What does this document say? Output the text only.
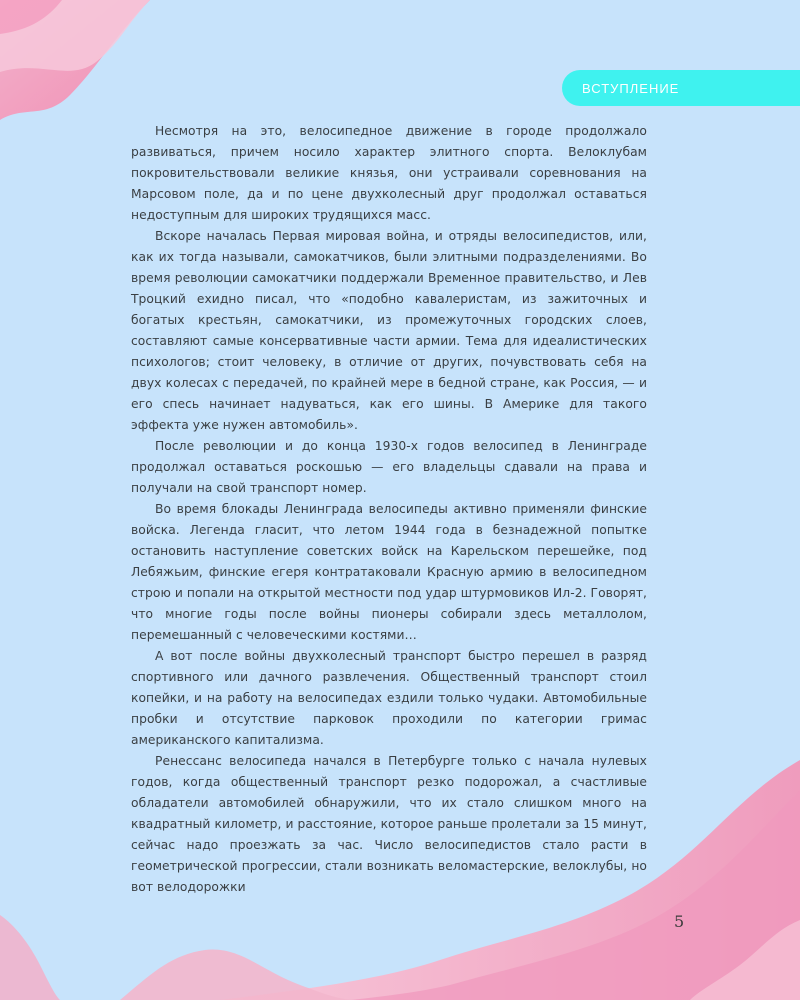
ВСТУПЛЕНИЕ

Несмотря на это, велосипедное движение в городе продолжало развиваться, причем носило характер элитного спорта. Велоклубам покровительствовали великие князья, они устраивали соревнования на Марсовом поле, да и по цене двухколесный друг продолжал оставаться недоступным для широких трудящихся масс.

Вскоре началась Первая мировая война, и отряды велосипедистов, или, как их тогда называли, самокатчиков, были элитными подразделениями. Во время революции самокатчики поддержали Временное правительство, и Лев Троцкий ехидно писал, что «подобно кавалеристам, из зажиточных и богатых крестьян, самокатчики, из промежуточных городских слоев, составляют самые консервативные части армии. Тема для идеалистических психологов; стоит человеку, в отличие от других, почувствовать себя на двух колесах с передачей, по крайней мере в бедной стране, как Россия, — и его спесь начинает надуваться, как его шины. В Америке для такого эффекта уже нужен автомобиль».

После революции и до конца 1930-х годов велосипед в Ленинграде продолжал оставаться роскошью — его владельцы сдавали на права и получали на свой транспорт номер.

Во время блокады Ленинграда велосипеды активно применяли финские войска. Легенда гласит, что летом 1944 года в безнадежной попытке остановить наступление советских войск на Карельском перешейке, под Лебяжьим, финские егеря контратаковали Красную армию в велосипедном строю и попали на открытой местности под удар штурмовиков Ил-2. Говорят, что многие годы после войны пионеры собирали здесь металлолом, перемешанный с человеческими костями…

А вот после войны двухколесный транспорт быстро перешел в разряд спортивного или дачного развлечения. Общественный транспорт стоил копейки, и на работу на велосипедах ездили только чудаки. Автомобильные пробки и отсутствие парковок проходили по категории гримас американского капитализма.

Ренессанс велосипеда начался в Петербурге только с начала нулевых годов, когда общественный транспорт резко подорожал, а счастливые обладатели автомобилей обнаружили, что их стало слишком много на квадратный километр, и расстояние, которое раньше пролетали за 15 минут, сейчас надо проезжать за час. Число велосипедистов стало расти в геометрической прогрессии, стали возникать веломастерские, велоклубы, но вот велодорожки

5
